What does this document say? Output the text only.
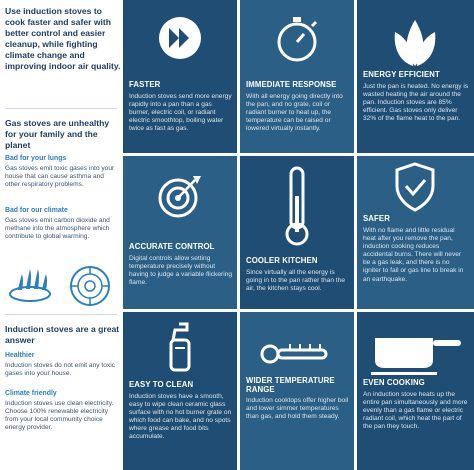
Use induction stoves to cook faster and safer with better control and easier cleanup, while fighting climate change and improving indoor air quality.
Gas stoves are unhealthy for your family and the planet
Bad for your lungs
Gas stoves emit toxic gases into your house that can cause asthma and other respiratory problems.
Bad for our climate
Gas stoves emit carbon dioxide and methane into the atmosphere which contribute to global warming.
Induction stoves are a great answer
Healthier
Induction stoves do not emit any toxic gases into your house.
Climate friendly
Induction stoves use clean electricity. Choose 100% renewable electricity from your local community choice energy provider.
FASTER
Induction stoves send more energy rapidly into a pan than a gas burner, electric coil, or radiant electric smoothtop, boiling water twice as fast as gas.
IMMEDIATE RESPONSE
With all energy going directly into the pan, and no grate, coil or radiant burner to heat up, the temperature can be raised or lowered virtually instantly.
ENERGY EFFICIENT
Just the pan is heated. No energy is wasted heating the air around the pan. Induction stoves are 85% efficient. Gas stoves only deliver 32% of the flame heat to the pan.
ACCURATE CONTROL
Digital controls allow setting temperature precisely without having to judge a variable flickering flame.
COOLER KITCHEN
Since virtually all the energy is going in to the pan rather than the air, the kitchen stays cool.
SAFER
With no flame and little residual heat after you remove the pan, induction cooking reduces accidental burns. There will never be a gas leak, and there is no igniter to fail or gas line to break in an earthquake.
EASY TO CLEAN
Induction stoves have a smooth, easy to wipe clean ceramic glass surface with no hot burner grate on which food can bake, and no spots where grease and food bits accumulate.
WIDER TEMPERATURE RANGE
Induction cooktops offer higher boil and lower simmer temperatures than gas, and hold them steady.
EVEN COOKING
An induction stove heats up the entire pan simultaneously and more evenly than a gas flame or electric radiant coil, which heat the part of the pan they touch.
